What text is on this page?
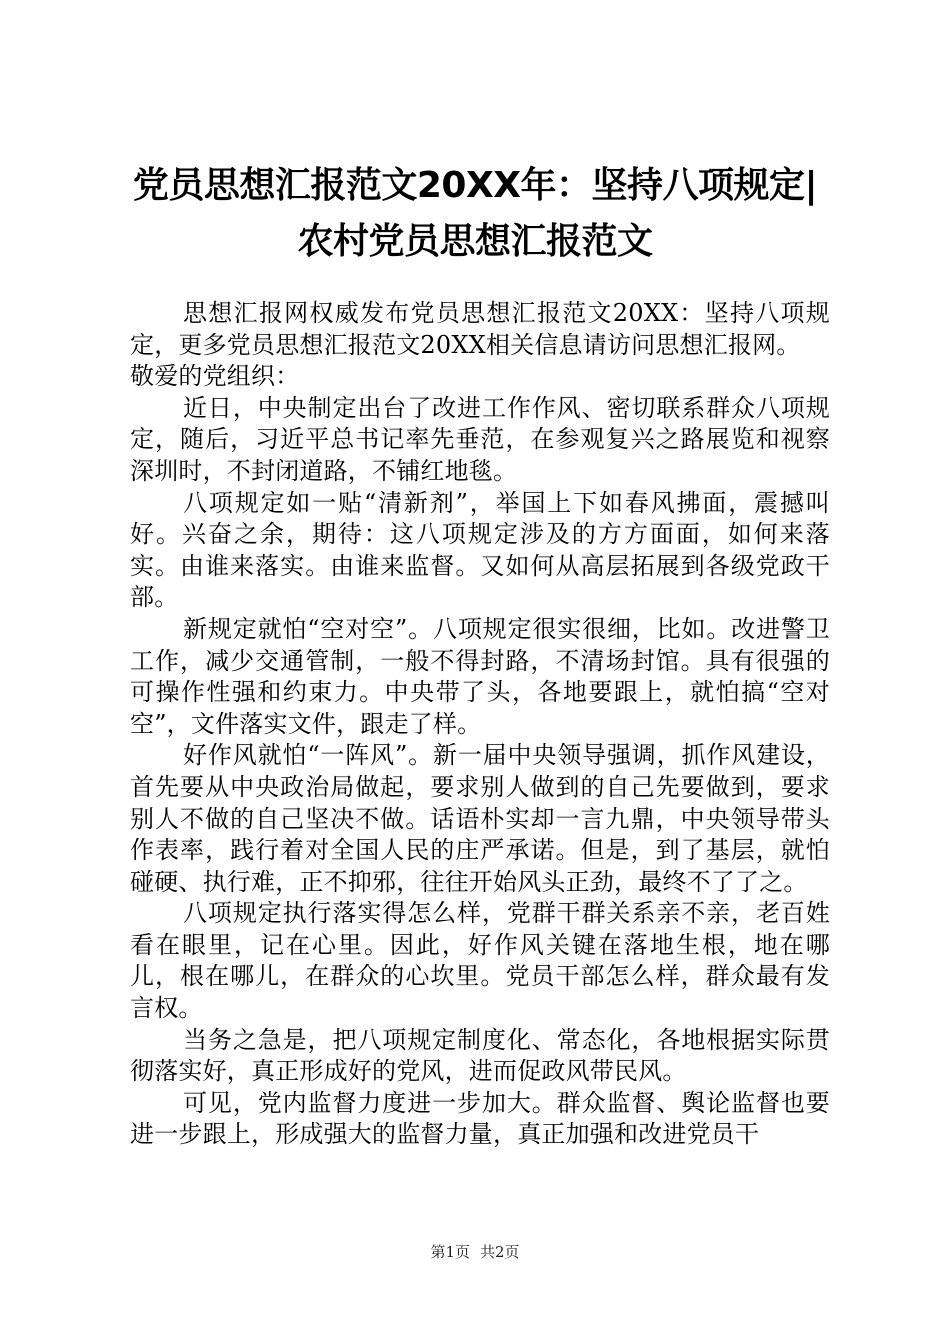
党员思想汇报范文20XX年：坚持八项规定|农村党员思想汇报范文

思想汇报网权威发布党员思想汇报范文20XX：坚持八项规定，更多党员思想汇报范文20XX相关信息请访问思想汇报网。

敬爱的党组织：

近日，中央制定出台了改进工作作风、密切联系群众八项规定，随后，习近平总书记率先垂范，在参观复兴之路展览和视察深圳时，不封闭道路，不铺红地毯。

八项规定如一贴“清新剂”，举国上下如春风拂面，震撼叫好。兴奋之余，期待：这八项规定涉及的方方面面，如何来落实。由谁来落实。由谁来监督。又如何从高层拓展到各级党政干部。

新规定就怕“空对空”。八项规定很实很细，比如。改进警卫工作，减少交通管制，一般不得封路，不清场封馆。具有很强的可操作性强和约束力。中央带了头，各地要跟上，就怕搞“空对空”，文件落实文件，跟走了样。

好作风就怕“一阵风”。新一届中央领导强调，抓作风建设，首先要从中央政治局做起，要求别人做到的自己先要做到，要求别人不做的自己坚决不做。话语朴实却一言九鼎，中央领导带头作表率，践行着对全国人民的庄严承诺。但是，到了基层，就怕碰硬、执行难，正不抑邪，往往开始风头正劲，最终不了了之。

八项规定执行落实得怎么样，党群干群关系亲不亲，老百姓看在眼里，记在心里。因此，好作风关键在落地生根，地在哪儿，根在哪儿，在群众的心坎里。党员干部怎么样，群众最有发言权。

当务之急是，把八项规定制度化、常态化，各地根据实际贯彻落实好，真正形成好的党风，进而促政风带民风。

可见，党内监督力度进一步加大。群众监督、舆论监督也要进一步跟上，形成强大的监督力量，真正加强和改进党员干

第1页 共2页
